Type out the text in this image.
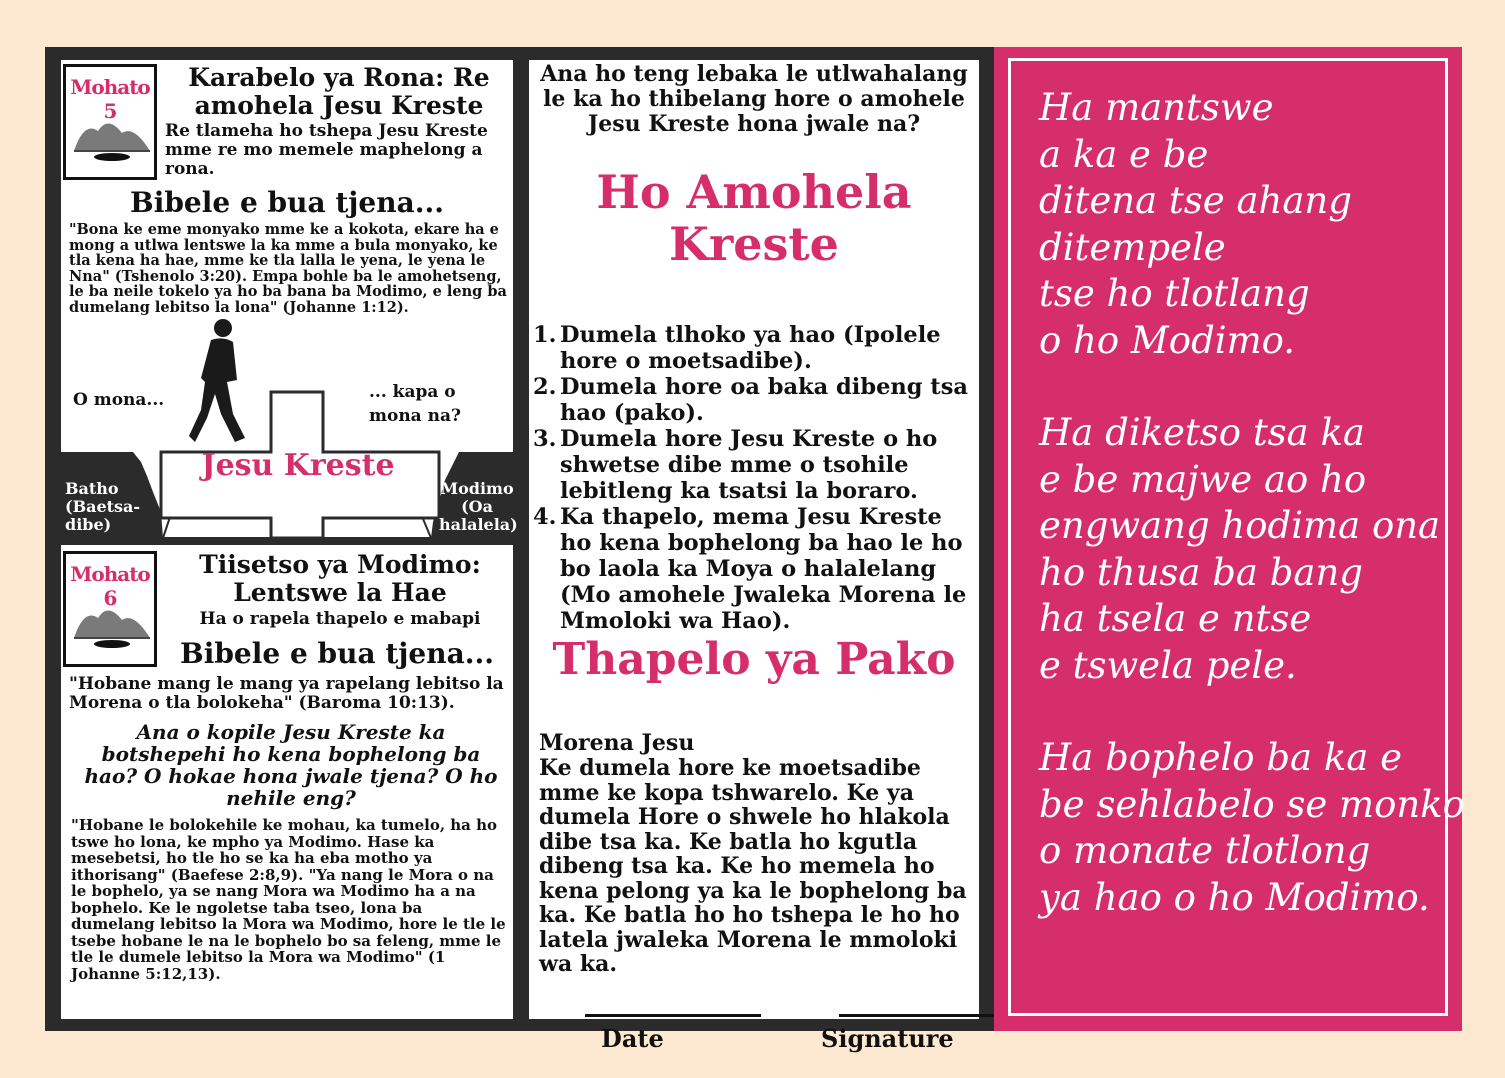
Mohato 5
Karabelo ya Rona: Re amohela Jesu Kreste
Re tlameha ho tshepa Jesu Kreste mme re mo memele maphelong a rona.
Bibele e bua tjena...
"Bona ke eme monyako mme ke a kokota, ekare ha e mong a utlwa lentswe la ka mme a bula monyako, ke tla kena ha hae, mme ke tla lalla le yena, le yena le Nna" (Tshenolo 3:20). Empa bohle ba le amohetseng, le ba neile tokelo ya ho ba bana ba Modimo, e leng ba dumelang lebitso la lona" (Johanne 1:12).
O mona...	... kapa o mona na?
Jesu Kreste
Batho (Baetsa-dibe)
Modimo (Oa halalela)
Mohato 6
Tiisetso ya Modimo: Lentswe la Hae
Ha o rapela thapelo e mabapi
Bibele e bua tjena...
"Hobane mang le mang ya rapelang lebitso la Morena o tla bolokeha" (Baroma 10:13).
Ana o kopile Jesu Kreste ka botshepehi ho kena bophelong ba hao? O hokae hona jwale tjena? O ho nehile eng?
"Hobane le bolokehile ke mohau, ka tumelo, ha ho tswe ho lona, ke mpho ya Modimo. Hase ka mesebetsi, ho tle ho se ka ha eba motho ya ithorisang" (Baefese 2:8,9). "Ya nang le Mora o na le bophelo, ya se nang Mora wa Modimo ha a na bophelo. Ke le ngoletse taba tseo, lona ba dumelang lebitso la Mora wa Modimo, hore le tle le tsebe hobane le na le bophelo bo sa feleng, mme le tle le dumele lebitso la Mora wa Modimo" (1 Johanne 5:12,13).
Ana ho teng lebaka le utlwahalang le ka ho thibelang hore o amohele Jesu Kreste hona jwale na?
Ho Amohela Kreste
1. Dumela tlhoko ya hao (Ipolele hore o moetsadibe).
2. Dumela hore oa baka dibeng tsa hao (pako).
3. Dumela hore Jesu Kreste o ho shwetse dibe mme o tsohile lebitleng ka tsatsi la boraro.
4. Ka thapelo, mema Jesu Kreste ho kena bophelong ba hao le ho bo laola ka Moya o halalelang (Mo amohele Jwaleka Morena le Mmoloki wa Hao).
Thapelo ya Pako
Morena Jesu
Ke dumela hore ke moetsadibe mme ke kopa tshwarelo. Ke ya dumela Hore o shwele ho hlakola dibe tsa ka. Ke batla ho kgutla dibeng tsa ka. Ke ho memela ho kena pelong ya ka le bophelong ba ka. Ke batla ho ho tshepa le ho ho latela jwaleka Morena le mmoloki wa ka.
Date	Signature

Ha mantswe
a ka e be
ditena tse ahang
ditempele
tse ho tlotlang
o ho Modimo.

Ha diketso tsa ka
e be majwe ao ho
engwang hodima ona
ho thusa ba bang
ha tsela e ntse
e tswela pele.

Ha bophelo ba ka e
be sehlabelo se monko
o monate tlotlong
ya hao o ho Modimo.
